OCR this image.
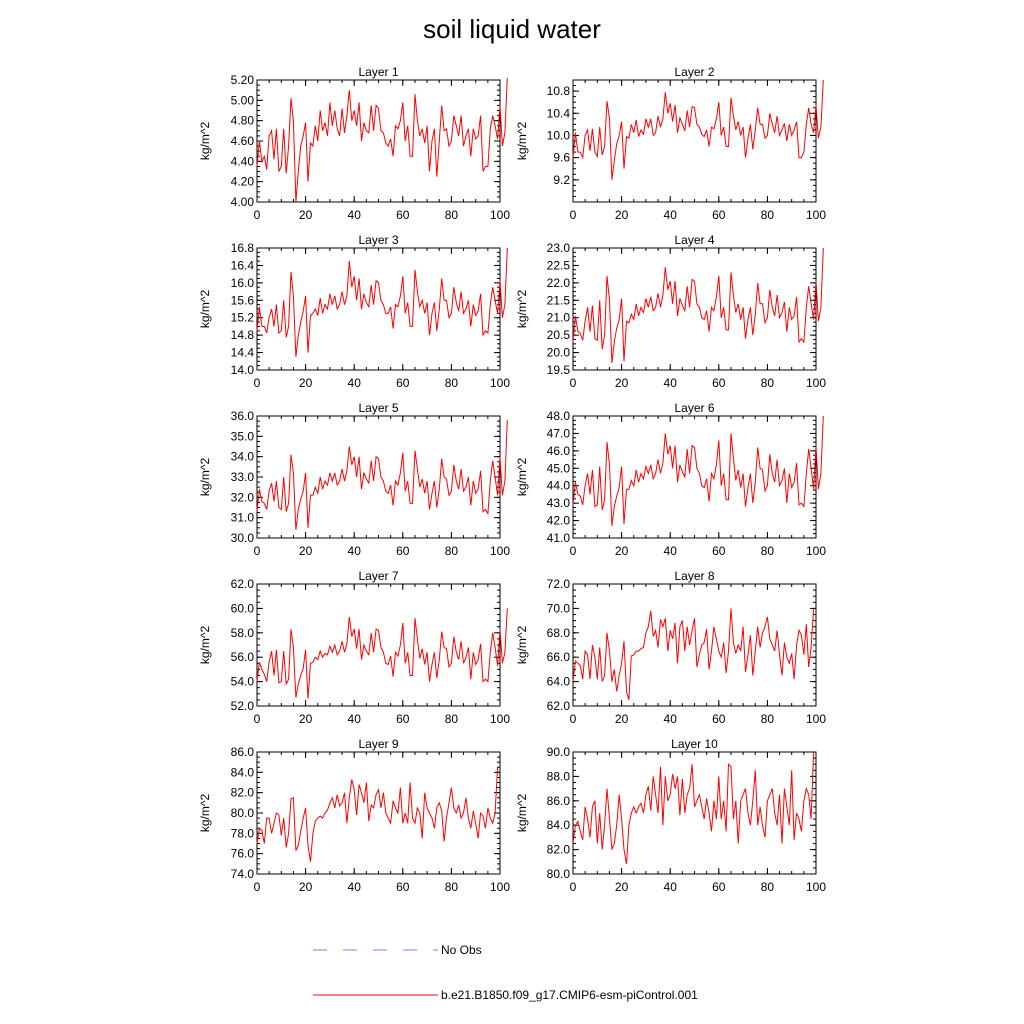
soil liquid water
Layer 1
kg/m^2
0	20	40	60	80	100
4.00
4.20
4.40
4.60
4.80
5.00
5.20
Layer 2
kg/m^2
0	20	40	60	80	100
9.2
9.6
10.0
10.4
10.8
Layer 3
kg/m^2
0	20	40	60	80	100
14.0
14.4
14.8
15.2
15.6
16.0
16.4
16.8
Layer 4
kg/m^2
0	20	40	60	80	100
19.5
20.0
20.5
21.0
21.5
22.0
22.5
23.0
Layer 5
kg/m^2
0	20	40	60	80	100
30.0
31.0
32.0
33.0
34.0
35.0
36.0
Layer 6
kg/m^2
0	20	40	60	80	100
41.0
42.0
43.0
44.0
45.0
46.0
47.0
48.0
Layer 7
kg/m^2
0	20	40	60	80	100
52.0
54.0
56.0
58.0
60.0
62.0
Layer 8
kg/m^2
0	20	40	60	80	100
62.0
64.0
66.0
68.0
70.0
72.0
Layer 9
kg/m^2
0	20	40	60	80	100
74.0
76.0
78.0
80.0
82.0
84.0
86.0
Layer 10
kg/m^2
0	20	40	60	80	100
80.0
82.0
84.0
86.0
88.0
90.0
No Obs
b.e21.B1850.f09_g17.CMIP6-esm-piControl.001
